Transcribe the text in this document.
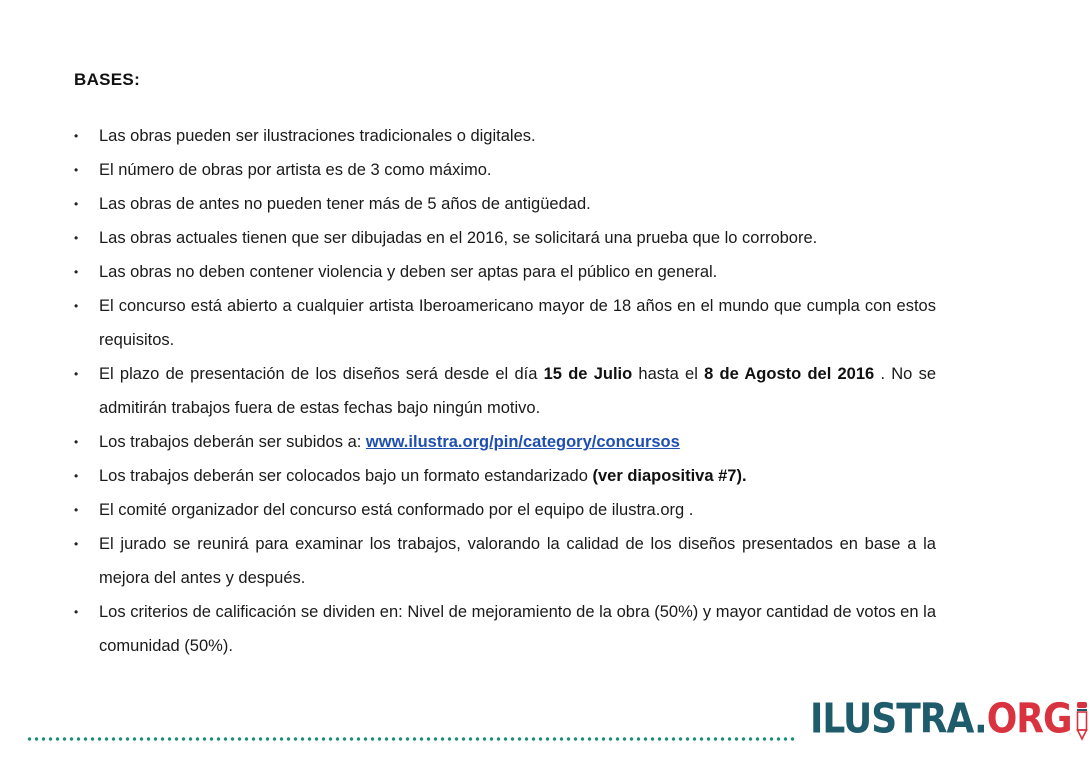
BASES:
• Las obras pueden ser ilustraciones tradicionales o digitales.
• El número de obras por artista es de 3 como máximo.
• Las obras de antes no pueden tener más de 5 años de antigüedad.
• Las obras actuales tienen que ser dibujadas en el 2016, se solicitará una prueba que lo corrobore.
• Las obras no deben contener violencia y deben ser aptas para el público en general.
• El concurso está abierto a cualquier artista Iberoamericano mayor de 18 años en el mundo que cumpla con estos requisitos.
• El plazo de presentación de los diseños será desde el día 15 de Julio hasta el 8 de Agosto del 2016 . No se admitirán trabajos fuera de estas fechas bajo ningún motivo.
• Los trabajos deberán ser subidos a: www.ilustra.org/pin/category/concursos
• Los trabajos deberán ser colocados bajo un formato estandarizado (ver diapositiva #7).
• El comité organizador del concurso está conformado por el equipo de ilustra.org .
• El jurado se reunirá para examinar los trabajos, valorando la calidad de los diseños presentados en base a la mejora del antes y después.
• Los criterios de calificación se dividen en: Nivel de mejoramiento de la obra (50%) y mayor cantidad de votos en la comunidad (50%).
ILUSTRA.ORG
